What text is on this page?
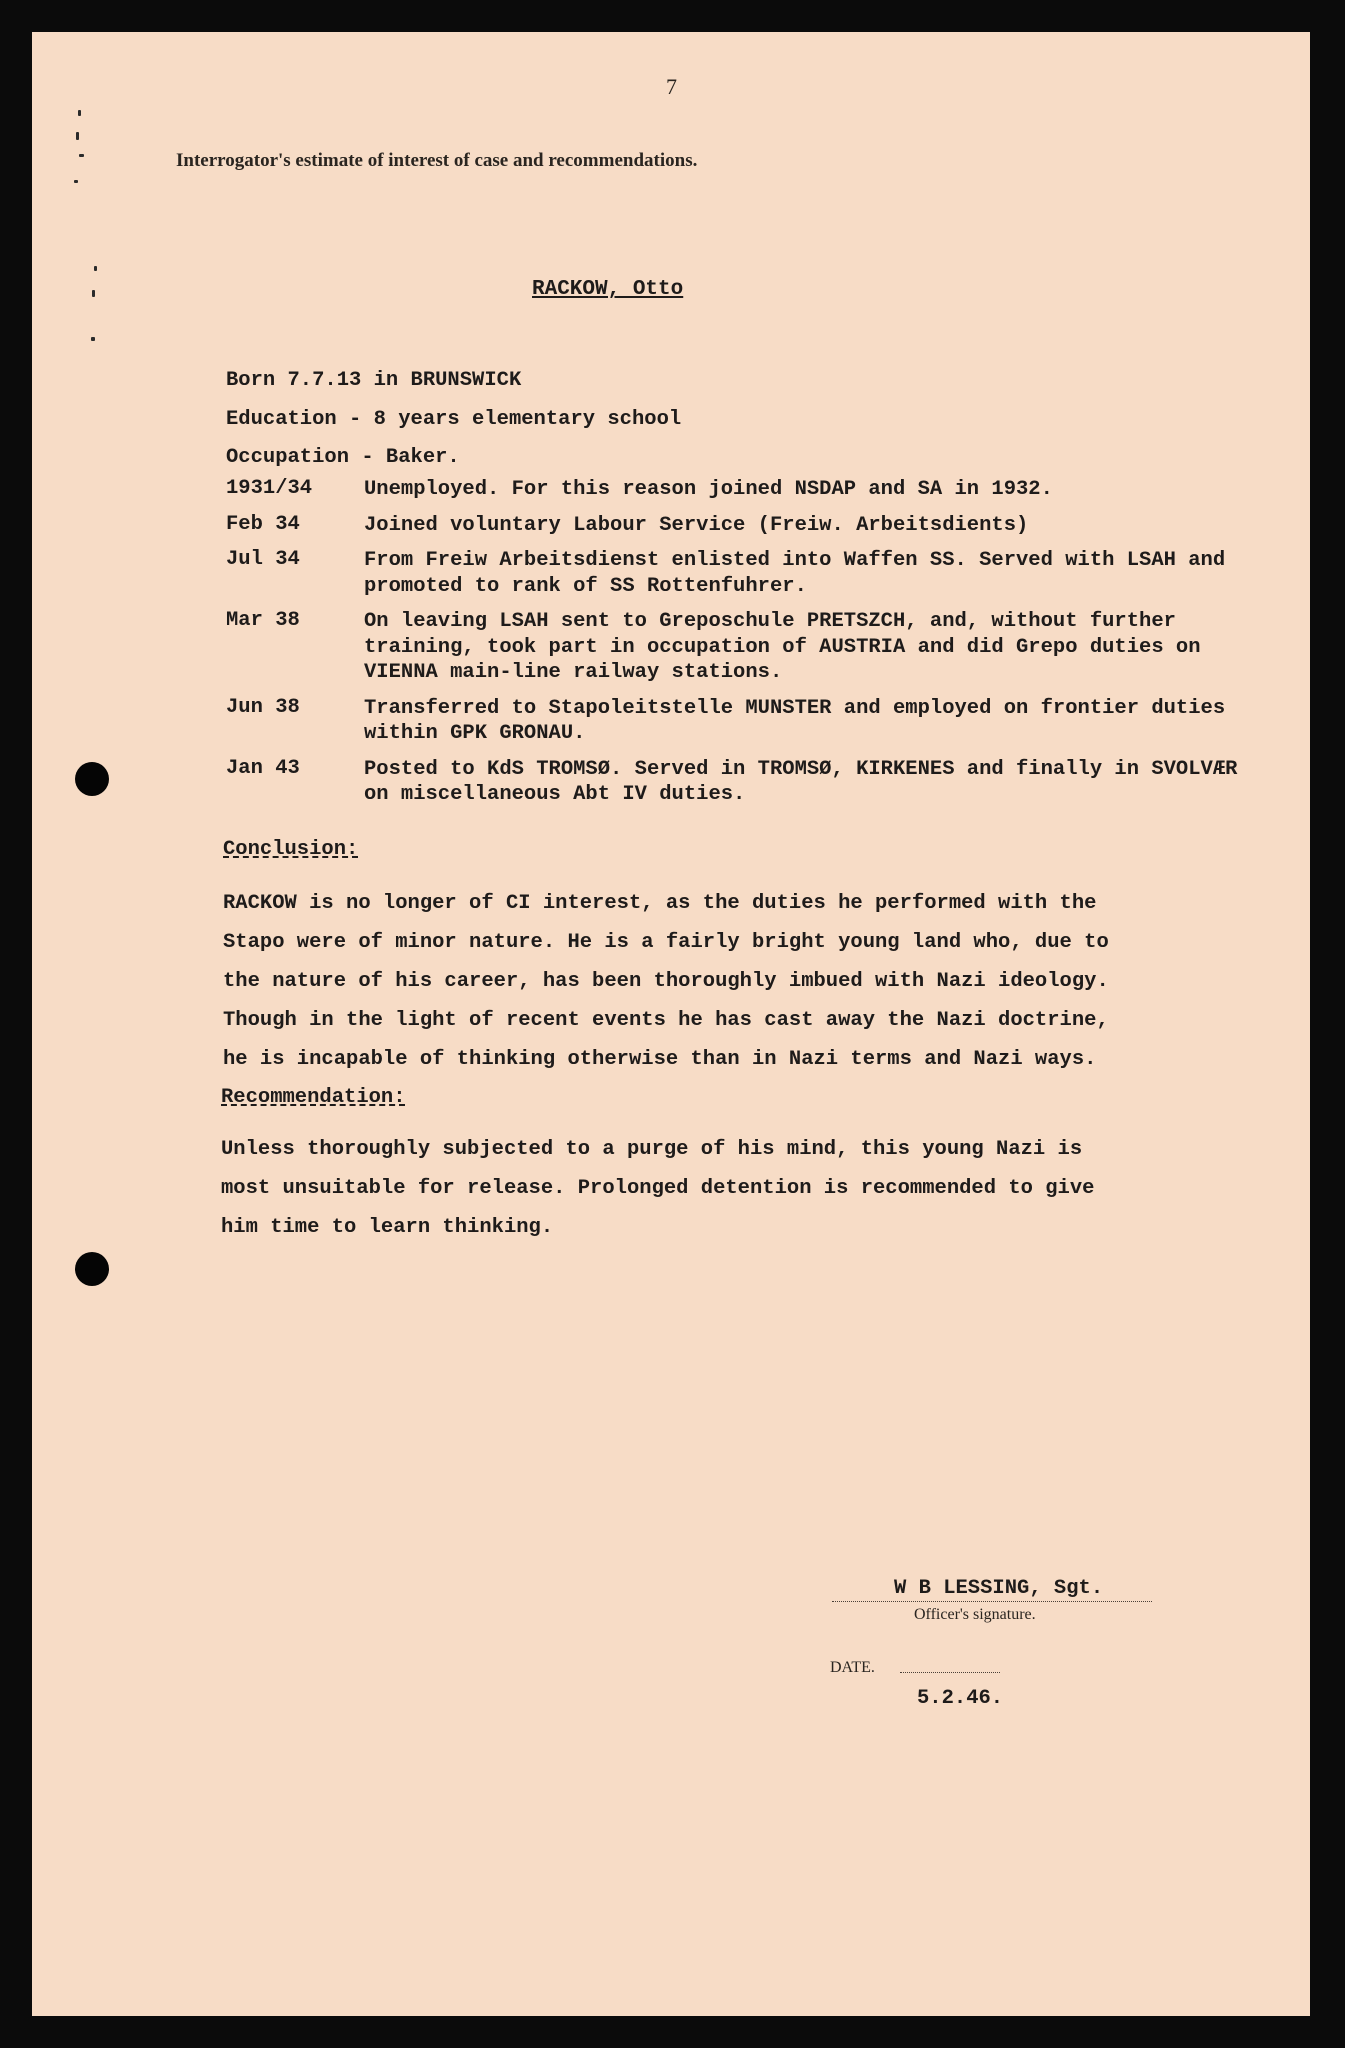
7
Interrogator's estimate of interest of case and recommendations.
RACKOW, Otto
Born 7.7.13 in BRUNSWICK
Education - 8 years elementary school
Occupation - Baker.
1931/34	Unemployed. For this reason joined NSDAP and SA in 1932.
Feb 34	Joined voluntary Labour Service (Freiw. Arbeitsdients)
Jul 34	From Freiw Arbeitsdienst enlisted into Waffen SS. Served with LSAH and promoted to rank of SS Rottenfuhrer.
Mar 38	On leaving LSAH sent to Greposchule PRETSZCH, and, without further training, took part in occupation of AUSTRIA and did Grepo duties on VIENNA main-line railway stations.
Jun 38	Transferred to Stapoleitstelle MUNSTER and employed on frontier duties within GPK GRONAU.
Jan 43	Posted to KdS TROMSØ. Served in TROMSØ, KIRKENES and finally in SVOLVÆR on miscellaneous Abt IV duties.
Conclusion:
RACKOW is no longer of CI interest, as the duties he performed with the
Stapo were of minor nature. He is a fairly bright young land who, due to
the nature of his career, has been thoroughly imbued with Nazi ideology.
Though in the light of recent events he has cast away the Nazi doctrine,
he is incapable of thinking otherwise than in Nazi terms and Nazi ways.
Recommendation:
Unless thoroughly subjected to a purge of his mind, this young Nazi is
most unsuitable for release. Prolonged detention is recommended to give
him time to learn thinking.
W B LESSING, Sgt.
Officer's signature.
DATE.
5.2.46.
